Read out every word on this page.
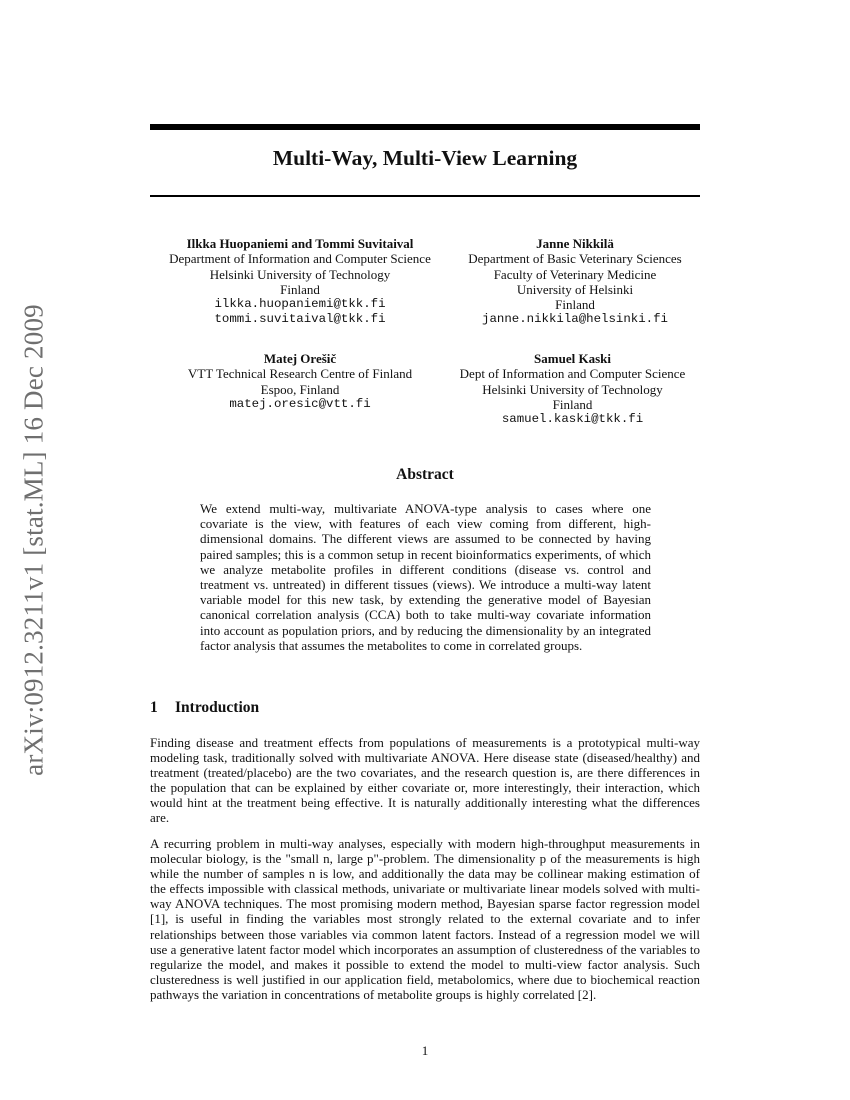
arXiv:0912.3211v1 [stat.ML] 16 Dec 2009
Multi-Way, Multi-View Learning
Ilkka Huopaniemi and Tommi Suvitaival
Department of Information and Computer Science
Helsinki University of Technology
Finland
ilkka.huopaniemi@tkk.fi
tommi.suvitaival@tkk.fi
Janne Nikkilä
Department of Basic Veterinary Sciences
Faculty of Veterinary Medicine
University of Helsinki
Finland
janne.nikkila@helsinki.fi
Matej Orešič
VTT Technical Research Centre of Finland
Espoo, Finland
matej.oresic@vtt.fi
Samuel Kaski
Dept of Information and Computer Science
Helsinki University of Technology
Finland
samuel.kaski@tkk.fi
Abstract

We extend multi-way, multivariate ANOVA-type analysis to cases where one covariate is the view, with features of each view coming from different, high-dimensional domains. The different views are assumed to be connected by having paired samples; this is a common setup in recent bioinformatics experiments, of which we analyze metabolite profiles in different conditions (disease vs. control and treatment vs. untreated) in different tissues (views). We introduce a multi-way latent variable model for this new task, by extending the generative model of Bayesian canonical correlation analysis (CCA) both to take multi-way covariate information into account as population priors, and by reducing the dimensionality by an integrated factor analysis that assumes the metabolites to come in correlated groups.

1 Introduction

Finding disease and treatment effects from populations of measurements is a prototypical multi-way modeling task, traditionally solved with multivariate ANOVA. Here disease state (diseased/healthy) and treatment (treated/placebo) are the two covariates, and the research question is, are there differences in the population that can be explained by either covariate or, more interestingly, their interaction, which would hint at the treatment being effective. It is naturally additionally interesting what the differences are.

A recurring problem in multi-way analyses, especially with modern high-throughput measurements in molecular biology, is the "small n, large p"-problem. The dimensionality p of the measurements is high while the number of samples n is low, and additionally the data may be collinear making estimation of the effects impossible with classical methods, univariate or multivariate linear models solved with multi-way ANOVA techniques. The most promising modern method, Bayesian sparse factor regression model [1], is useful in finding the variables most strongly related to the external covariate and to infer relationships between those variables via common latent factors. Instead of a regression model we will use a generative latent factor model which incorporates an assumption of clusteredness of the variables to regularize the model, and makes it possible to extend the model to multi-view factor analysis. Such clusteredness is well justified in our application field, metabolomics, where due to biochemical reaction pathways the variation in concentrations of metabolite groups is highly correlated [2].

1
